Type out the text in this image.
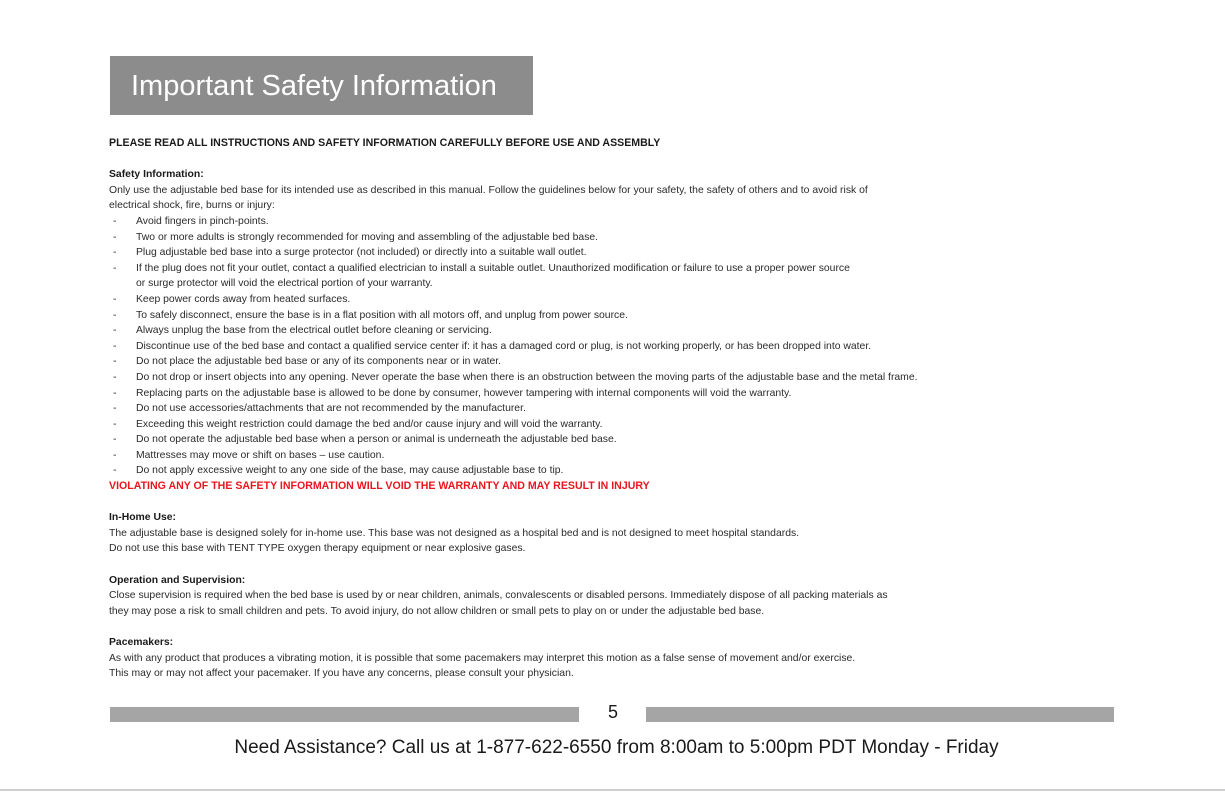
Important Safety Information
PLEASE READ ALL INSTRUCTIONS AND SAFETY INFORMATION CAREFULLY BEFORE USE AND ASSEMBLY
Safety Information:
Only use the adjustable bed base for its intended use as described in this manual. Follow the guidelines below for your safety, the safety of others and to avoid risk of
electrical shock, fire, burns or injury:
- Avoid fingers in pinch-points.
- Two or more adults is strongly recommended for moving and assembling of the adjustable bed base.
- Plug adjustable bed base into a surge protector (not included) or directly into a suitable wall outlet.
- If the plug does not fit your outlet, contact a qualified electrician to install a suitable outlet. Unauthorized modification or failure to use a proper power source
or surge protector will void the electrical portion of your warranty.
- Keep power cords away from heated surfaces.
- To safely disconnect, ensure the base is in a flat position with all motors off, and unplug from power source.
- Always unplug the base from the electrical outlet before cleaning or servicing.
- Discontinue use of the bed base and contact a qualified service center if: it has a damaged cord or plug, is not working properly, or has been dropped into water.
- Do not place the adjustable bed base or any of its components near or in water.
- Do not drop or insert objects into any opening. Never operate the base when there is an obstruction between the moving parts of the adjustable base and the metal frame.
- Replacing parts on the adjustable base is allowed to be done by consumer, however tampering with internal components will void the warranty.
- Do not use accessories/attachments that are not recommended by the manufacturer.
- Exceeding this weight restriction could damage the bed and/or cause injury and will void the warranty.
- Do not operate the adjustable bed base when a person or animal is underneath the adjustable bed base.
- Mattresses may move or shift on bases – use caution.
- Do not apply excessive weight to any one side of the base, may cause adjustable base to tip.
VIOLATING ANY OF THE SAFETY INFORMATION WILL VOID THE WARRANTY AND MAY RESULT IN INJURY
In-Home Use:
The adjustable base is designed solely for in-home use. This base was not designed as a hospital bed and is not designed to meet hospital standards.
Do not use this base with TENT TYPE oxygen therapy equipment or near explosive gases.
Operation and Supervision:
Close supervision is required when the bed base is used by or near children, animals, convalescents or disabled persons. Immediately dispose of all packing materials as
they may pose a risk to small children and pets. To avoid injury, do not allow children or small pets to play on or under the adjustable bed base.
Pacemakers:
As with any product that produces a vibrating motion, it is possible that some pacemakers may interpret this motion as a false sense of movement and/or exercise.
This may or may not affect your pacemaker. If you have any concerns, please consult your physician.
5
Need Assistance? Call us at 1-877-622-6550 from 8:00am to 5:00pm PDT Monday - Friday
